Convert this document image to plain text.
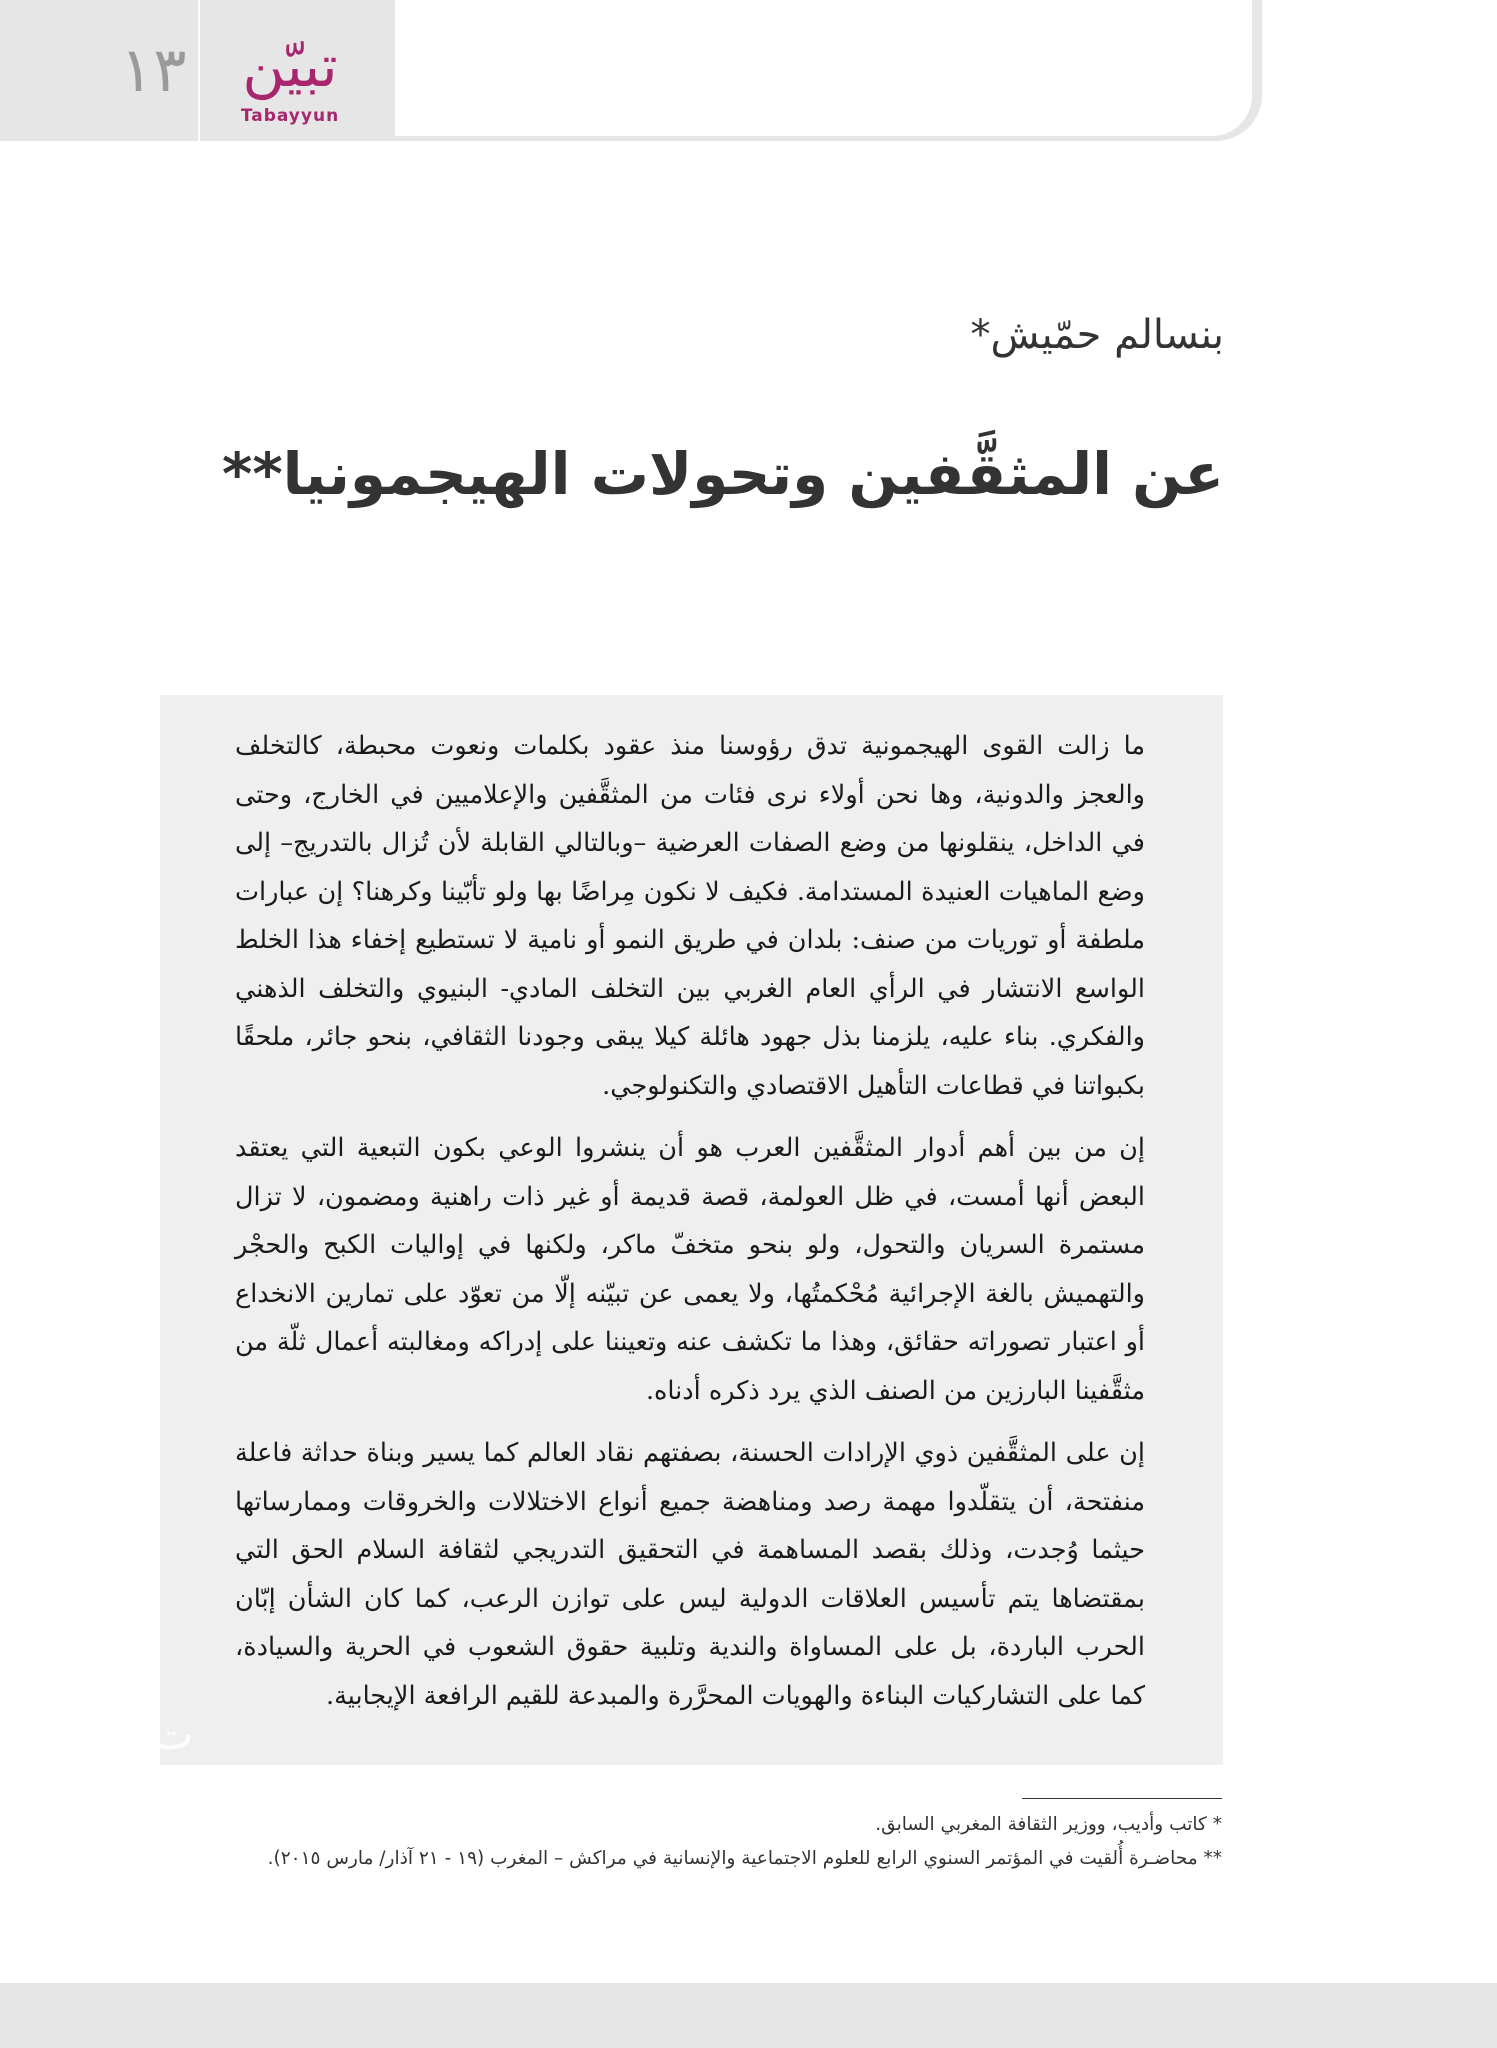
١٣ تبيّن
Tabayyun
بنسالم حمّيش*
عن المثقَّفين وتحولات الهيجمونيا**
ت

ما زالت القوى الهيجمونية تدق رؤوسنا منذ عقود بكلمات ونعوت محبطة، كالتخلف والعجز والدونية، وها نحن أولاء نرى فئات من المثقَّفين والإعلاميين في الخارج، وحتى في الداخل، ينقلونها من وضع الصفات العرضية –وبالتالي القابلة لأن تُزال بالتدريج– إلى وضع الماهيات العنيدة المستدامة. فكيف لا نكون مِراضًا بها ولو تأبّينا وكرهنا؟ إن عبارات ملطفة أو توريات من صنف: بلدان في طريق النمو أو نامية لا تستطيع إخفاء هذا الخلط الواسع الانتشار في الرأي العام الغربي بين التخلف المادي- البنيوي والتخلف الذهني والفكري. بناء عليه، يلزمنا بذل جهود هائلة كيلا يبقى وجودنا الثقافي، بنحو جائر، ملحقًا بكبواتنا في قطاعات التأهيل الاقتصادي والتكنولوجي.

إن من بين أهم أدوار المثقَّفين العرب هو أن ينشروا الوعي بكون التبعية التي يعتقد البعض أنها أمست، في ظل العولمة، قصة قديمة أو غير ذات راهنية ومضمون، لا تزال مستمرة السريان والتحول، ولو بنحو متخفّ ماكر، ولكنها في إواليات الكبح والحجْر والتهميش بالغة الإجرائية مُحْكمتُها، ولا يعمى عن تبيّنه إلّا من تعوّد على تمارين الانخداع أو اعتبار تصوراته حقائق، وهذا ما تكشف عنه وتعيننا على إدراكه ومغالبته أعمال ثلّة من مثقَّفينا البارزين من الصنف الذي يرد ذكره أدناه.

إن على المثقَّفين ذوي الإرادات الحسنة، بصفتهم نقاد العالم كما يسير وبناة حداثة فاعلة منفتحة، أن يتقلّدوا مهمة رصد ومناهضة جميع أنواع الاختلالات والخروقات وممارساتها حيثما وُجدت، وذلك بقصد المساهمة في التحقيق التدريجي لثقافة السلام الحق التي بمقتضاها يتم تأسيس العلاقات الدولية ليس على توازن الرعب، كما كان الشأن إبّان الحرب الباردة، بل على المساواة والندية وتلبية حقوق الشعوب في الحرية والسيادة، كما على التشاركيات البناءة والهويات المحرَّرة والمبدعة للقيم الرافعة الإيجابية.

* كاتب وأديب، ووزير الثقافة المغربي السابق.
** محاضـرة أُلقيت في المؤتمر السنوي الرابع للعلوم الاجتماعية والإنسانية في مراكش – المغرب (١٩ - ٢١ آذار/ مارس ٢٠١٥).
